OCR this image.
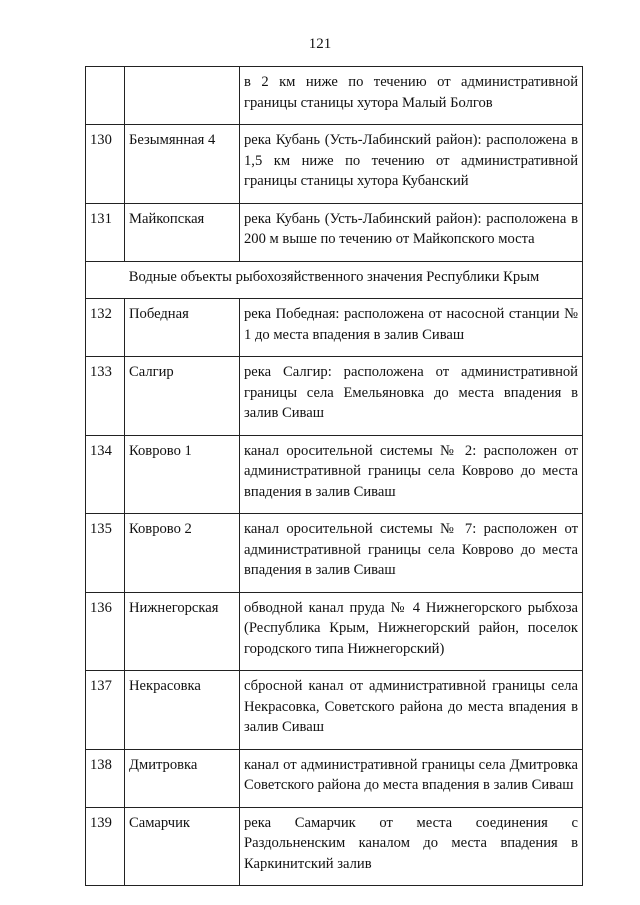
121
		в 2 км ниже по течению от административной границы станицы хутора Малый Болгов
130	Безымянная 4	река Кубань (Усть-Лабинский район): расположена в 1,5 км ниже по течению от административной границы станицы хутора Кубанский
131	Майкопская	река Кубань (Усть-Лабинский район): расположена в 200 м выше по течению от Майкопского моста
Водные объекты рыбохозяйственного значения Республики Крым		
132	Победная	река Победная: расположена от насосной станции № 1 до места впадения в залив Сиваш
133	Салгир	река Салгир: расположена от административной границы села Емельяновка до места впадения в залив Сиваш
134	Коврово 1	канал оросительной системы № 2: расположен от административной границы села Коврово до места впадения в залив Сиваш
135	Коврово 2	канал оросительной системы № 7: расположен от административной границы села Коврово до места впадения в залив Сиваш
136	Нижнегорская	обводной канал пруда № 4 Нижнегорского рыбхоза (Республика Крым, Нижнегорский район, поселок городского типа Нижнегорский)
137	Некрасовка	сбросной канал от административной границы села Некрасовка, Советского района до места впадения в залив Сиваш
138	Дмитровка	канал от административной границы села Дмитровка Советского района до места впадения в залив Сиваш
139	Самарчик	река Самарчик от места соединения с Раздольненским каналом до места впадения в Каркинитский залив
